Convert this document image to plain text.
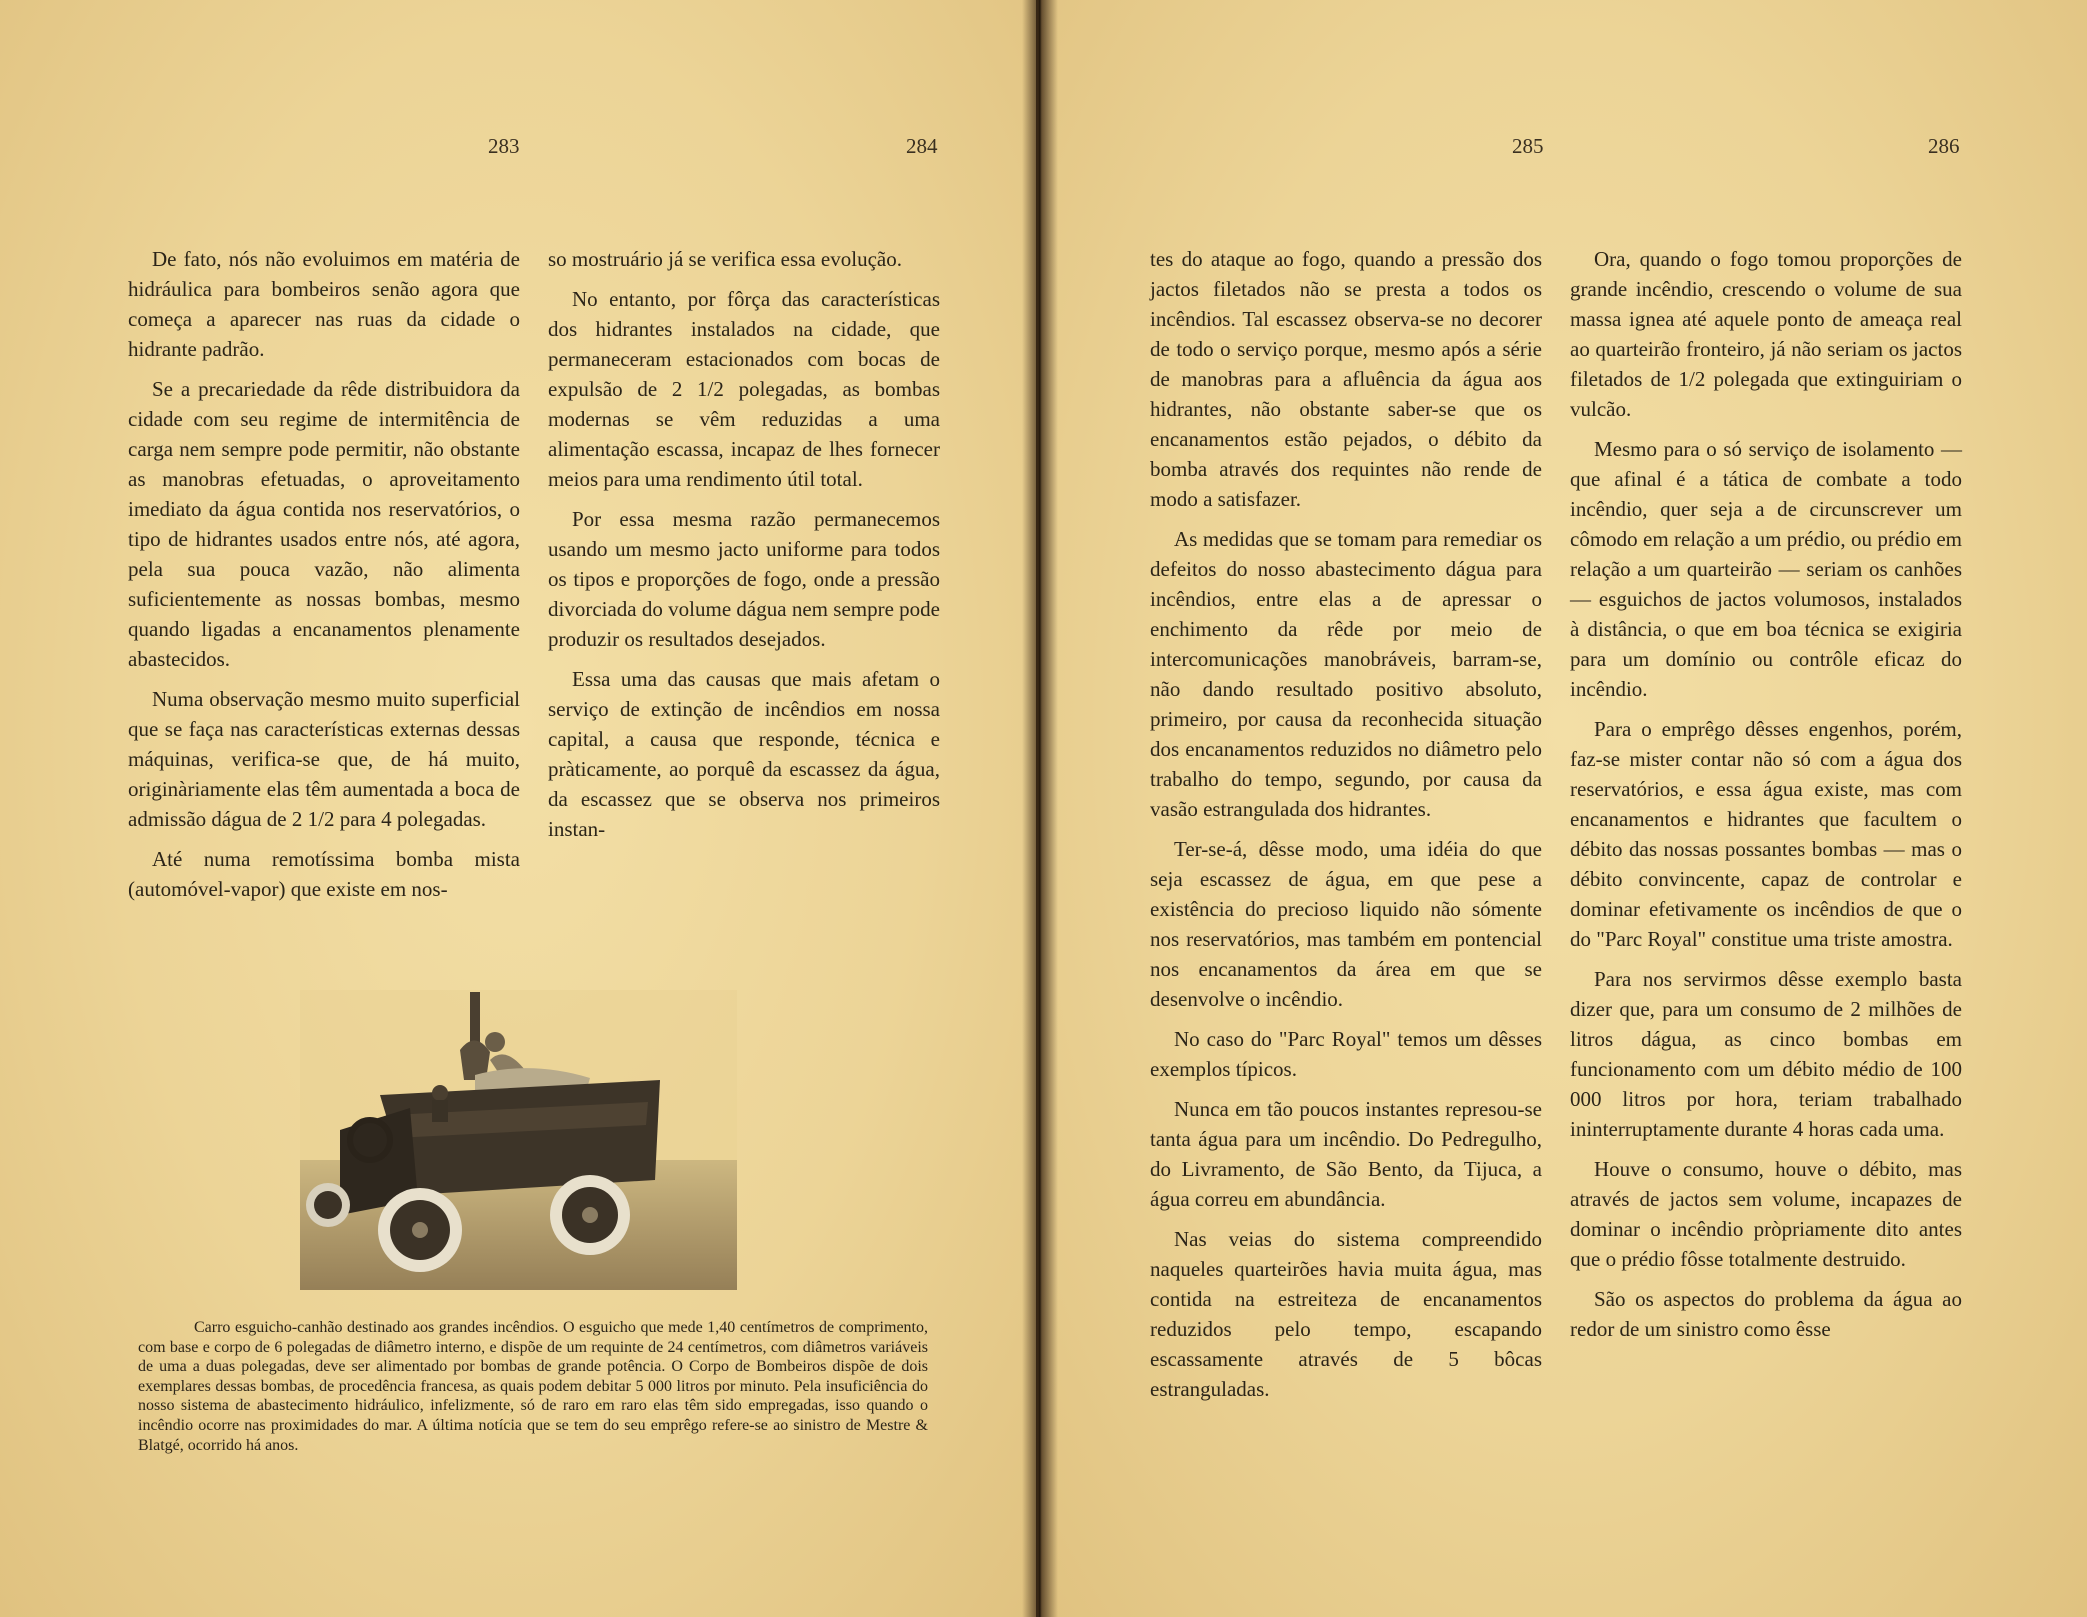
283	284	285	286

De fato, nós não evoluimos em matéria de hidráulica para bombeiros senão agora que começa a aparecer nas ruas da cidade o hidrante padrão.

Se a precariedade da rêde distribuidora da cidade com seu regime de intermitência de carga nem sempre pode permitir, não obstante as manobras efetuadas, o aproveitamento imediato da água contida nos reservatórios, o tipo de hidrantes usados entre nós, até agora, pela sua pouca vazão, não alimenta suficientemente as nossas bombas, mesmo quando ligadas a encanamentos plenamente abastecidos.

Numa observação mesmo muito superficial que se faça nas características externas dessas máquinas, verifica-se que, de há muito, originàriamente elas têm aumentada a boca de admissão dágua de 2 1/2 para 4 polegadas.

Até numa remotíssima bomba mista (automóvel-vapor) que existe em nos-

so mostruário já se verifica essa evolução.

No entanto, por fôrça das características dos hidrantes instalados na cidade, que permaneceram estacionados com bocas de expulsão de 2 1/2 polegadas, as bombas modernas se vêm reduzidas a uma alimentação escassa, incapaz de lhes fornecer meios para uma rendimento útil total.

Por essa mesma razão permanecemos usando um mesmo jacto uniforme para todos os tipos e proporções de fogo, onde a pressão divorciada do volume dágua nem sempre pode produzir os resultados desejados.

Essa uma das causas que mais afetam o serviço de extinção de incêndios em nossa capital, a causa que responde, técnica e pràticamente, ao porquê da escassez da água, da escassez que se observa nos primeiros instan-

Carro esguicho-canhão destinado aos grandes incêndios. O esguicho que mede 1,40 centímetros de comprimento, com base e corpo de 6 polegadas de diâmetro interno, e dispõe de um requinte de 24 centímetros, com diâmetros variáveis de uma a duas polegadas, deve ser alimentado por bombas de grande potência. O Corpo de Bombeiros dispõe de dois exemplares dessas bombas, de procedência francesa, as quais podem debitar 5 000 litros por minuto. Pela insuficiência do nosso sistema de abastecimento hidráulico, infelizmente, só de raro em raro elas têm sido empregadas, isso quando o incêndio ocorre nas proximidades do mar. A última notícia que se tem do seu emprêgo refere-se ao sinistro de Mestre & Blatgé, ocorrido há anos.

tes do ataque ao fogo, quando a pressão dos jactos filetados não se presta a todos os incêndios. Tal escassez observa-se no decorer de todo o serviço porque, mesmo após a série de manobras para a afluência da água aos hidrantes, não obstante saber-se que os encanamentos estão pejados, o débito da bomba através dos requintes não rende de modo a satisfazer.

As medidas que se tomam para remediar os defeitos do nosso abastecimento dágua para incêndios, entre elas a de apressar o enchimento da rêde por meio de intercomunicações manobráveis, barram-se, não dando resultado positivo absoluto, primeiro, por causa da reconhecida situação dos encanamentos reduzidos no diâmetro pelo trabalho do tempo, segundo, por causa da vasão estrangulada dos hidrantes.

Ter-se-á, dêsse modo, uma idéia do que seja escassez de água, em que pese a existência do precioso liquido não sómente nos reservatórios, mas também em pontencial nos encanamentos da área em que se desenvolve o incêndio.

No caso do "Parc Royal" temos um dêsses exemplos típicos.

Nunca em tão poucos instantes represou-se tanta água para um incêndio. Do Pedregulho, do Livramento, de São Bento, da Tijuca, a água correu em abundância.

Nas veias do sistema compreendido naqueles quarteirões havia muita água, mas contida na estreiteza de encanamentos reduzidos pelo tempo, escapando escassamente através de 5 bôcas estranguladas.

Ora, quando o fogo tomou proporções de grande incêndio, crescendo o volume de sua massa ignea até aquele ponto de ameaça real ao quarteirão fronteiro, já não seriam os jactos filetados de 1/2 polegada que extinguiriam o vulcão.

Mesmo para o só serviço de isolamento — que afinal é a tática de combate a todo incêndio, quer seja a de circunscrever um cômodo em relação a um prédio, ou prédio em relação a um quarteirão — seriam os canhões — esguichos de jactos volumosos, instalados à distância, o que em boa técnica se exigiria para um domínio ou contrôle eficaz do incêndio.

Para o emprêgo dêsses engenhos, porém, faz-se mister contar não só com a água dos reservatórios, e essa água existe, mas com encanamentos e hidrantes que facultem o débito das nossas possantes bombas — mas o débito convincente, capaz de controlar e dominar efetivamente os incêndios de que o do "Parc Royal" constitue uma triste amostra.

Para nos servirmos dêsse exemplo basta dizer que, para um consumo de 2 milhões de litros dágua, as cinco bombas em funcionamento com um débito médio de 100 000 litros por hora, teriam trabalhado ininterruptamente durante 4 horas cada uma.

Houve o consumo, houve o débito, mas através de jactos sem volume, incapazes de dominar o incêndio pròpriamente dito antes que o prédio fôsse totalmente destruido.

São os aspectos do problema da água ao redor de um sinistro como êsse
